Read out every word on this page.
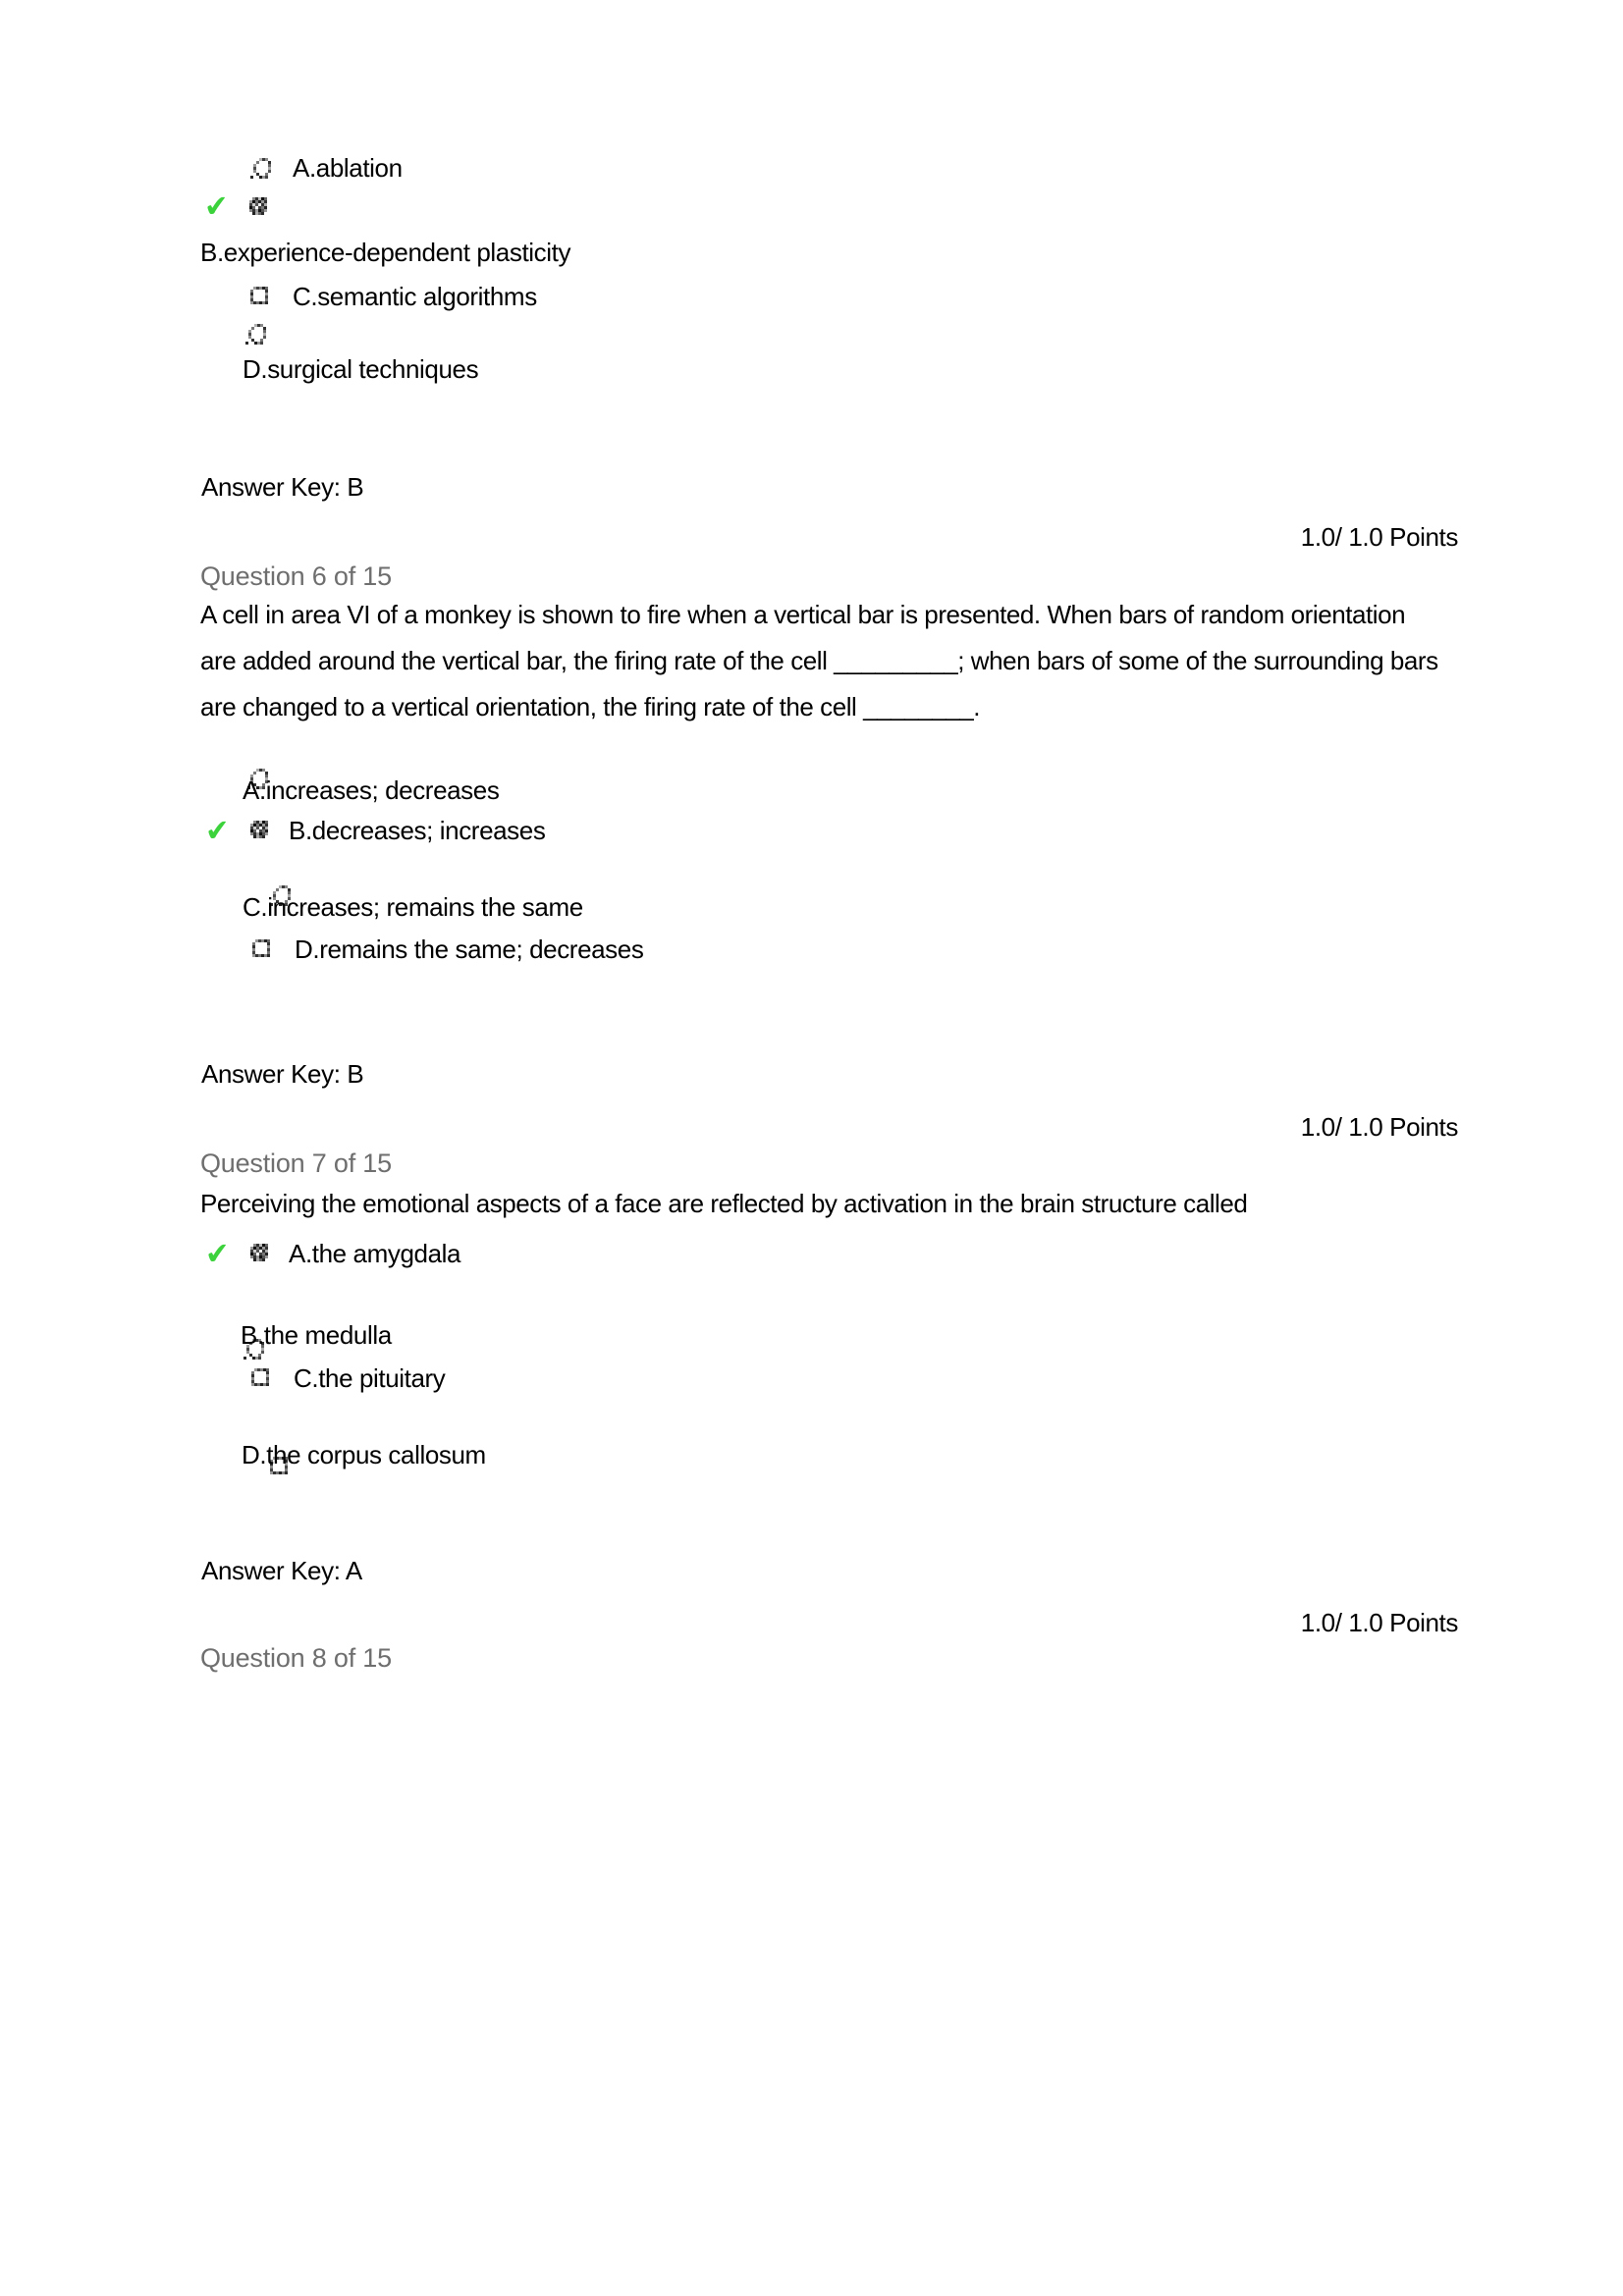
A.ablation
✔
B.experience-dependent plasticity
C.semantic algorithms
D.surgical techniques
Answer Key: B
1.0/ 1.0 Points
Question 6 of 15
A cell in area VI of a monkey is shown to fire when a vertical bar is presented. When bars of random orientation
are added around the vertical bar, the firing rate of the cell _________; when bars of some of the surrounding bars
are changed to a vertical orientation, the firing rate of the cell ________.

A.increases; decreases
✔ B.decreases; increases
C.increases; remains the same
D.remains the same; decreases
Answer Key: B
1.0/ 1.0 Points
Question 7 of 15
Perceiving the emotional aspects of a face are reflected by activation in the brain structure called
✔ A.the amygdala

B.the medulla
C.the pituitary
D.the corpus callosum
Answer Key: A
1.0/ 1.0 Points
Question 8 of 15
